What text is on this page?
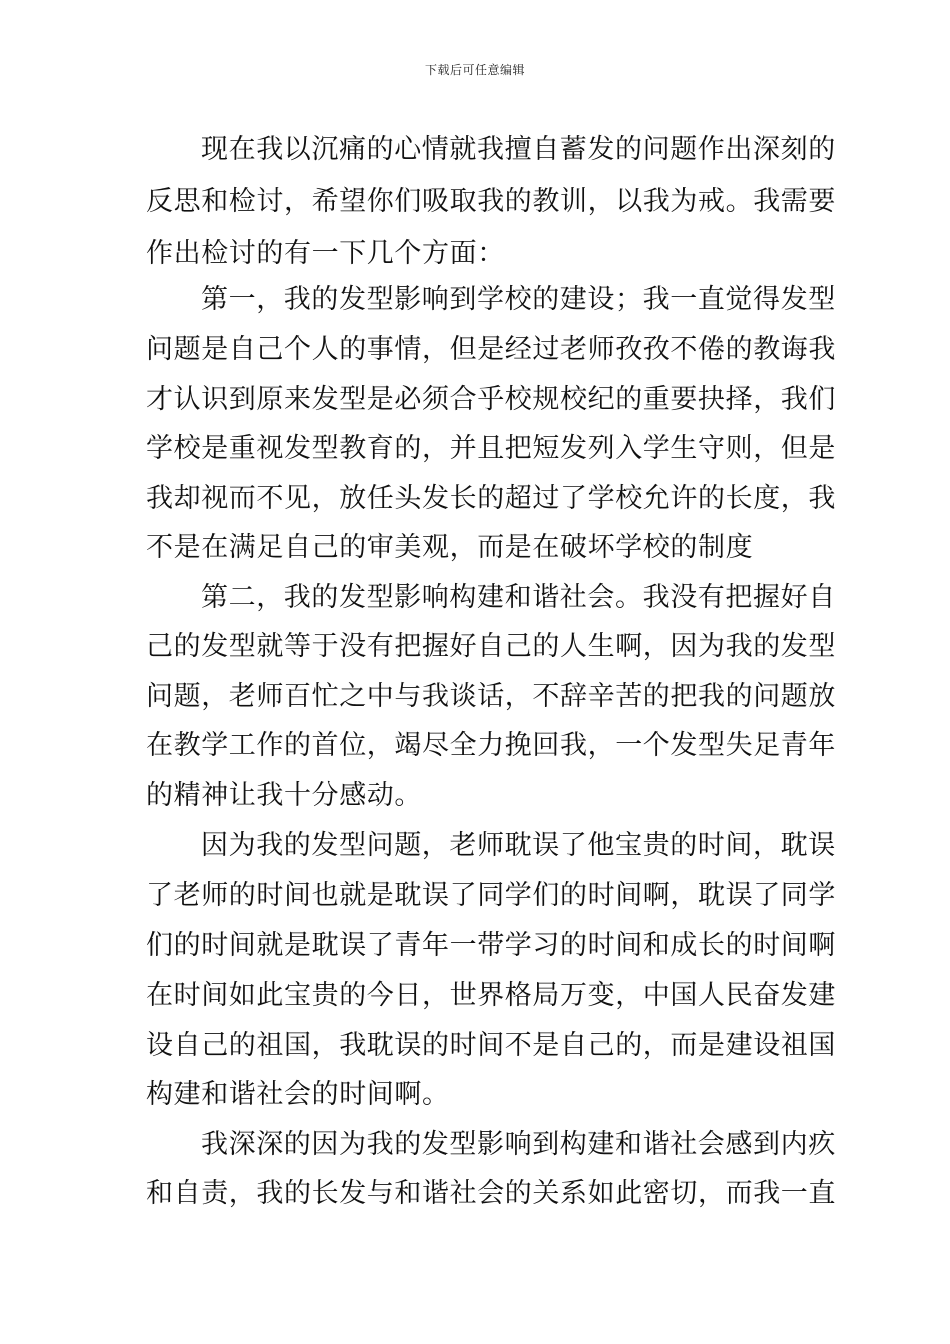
下载后可任意编辑
现在我以沉痛的心情就我擅自蓄发的问题作出深刻的
反思和检讨，希望你们吸取我的教训，以我为戒。我需要
作出检讨的有一下几个方面：
第一，我的发型影响到学校的建设；我一直觉得发型
问题是自己个人的事情，但是经过老师孜孜不倦的教诲我
才认识到原来发型是必须合乎校规校纪的重要抉择，我们
学校是重视发型教育的，并且把短发列入学生守则，但是
我却视而不见，放任头发长的超过了学校允许的长度，我
不是在满足自己的审美观，而是在破坏学校的制度
第二，我的发型影响构建和谐社会。我没有把握好自
己的发型就等于没有把握好自己的人生啊，因为我的发型
问题，老师百忙之中与我谈话，不辞辛苦的把我的问题放
在教学工作的首位，竭尽全力挽回我，一个发型失足青年
的精神让我十分感动。
因为我的发型问题，老师耽误了他宝贵的时间，耽误
了老师的时间也就是耽误了同学们的时间啊，耽误了同学
们的时间就是耽误了青年一带学习的时间和成长的时间啊
在时间如此宝贵的今日，世界格局万变，中国人民奋发建
设自己的祖国，我耽误的时间不是自己的，而是建设祖国
构建和谐社会的时间啊。
我深深的因为我的发型影响到构建和谐社会感到内疚
和自责，我的长发与和谐社会的关系如此密切，而我一直
